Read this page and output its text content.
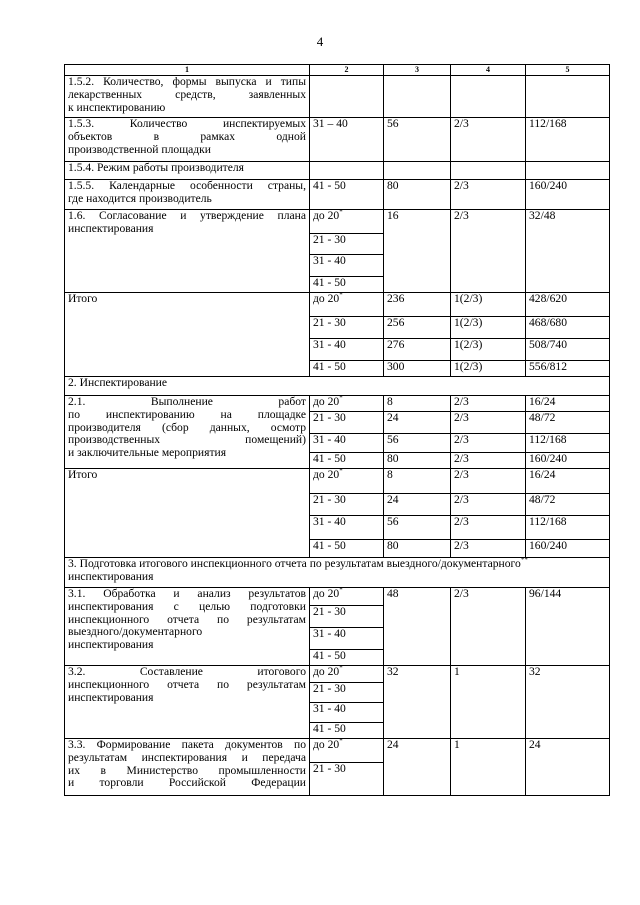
4
1	2	3	4	5

1.5.2. Количество, формы выпуска и типы
лекарственных средств, заявленных
к инспектированию				

1.5.3. Количество инспектируемых
объектов в рамках одной
производственной площадки	31 – 40	56	2/3	112/168
1.5.4. Режим работы производителя				

1.5.5. Календарные особенности страны,
где находится производитель	41 - 50	80	2/3	160/240

1.6. Согласование и утверждение плана
инспектирования	до 20*	16	2/3	32/48
	21 - 30			
	31 - 40			
	41 - 50			
Итого	до 20*	236	1(2/3)	428/620
	21 - 30	256	1(2/3)	468/680
	31 - 40	276	1(2/3)	508/740
	41 - 50	300	1(2/3)	556/812
2. Инспектирование				

2.1. Выполнение работ
по инспектированию на площадке
производителя (сбор данных, осмотр
производственных помещений)
и заключительные мероприятия	до 20*	8	2/3	16/24
	21 - 30	24	2/3	48/72
	31 - 40	56	2/3	112/168
	41 - 50	80	2/3	160/240
Итого	до 20*	8	2/3	16/24
	21 - 30	24	2/3	48/72
	31 - 40	56	2/3	112/168
	41 - 50	80	2/3	160/240

3. Подготовка итогового инспекционного отчета по результатам выездного/документарного**
инспектирования				

3.1. Обработка и анализ результатов
инспектирования с целью подготовки
инспекционного отчета по результатам
выездного/документарного
инспектирования	до 20*	48	2/3	96/144
	21 - 30			
	31 - 40			
	41 - 50			

3.2. Составление итогового
инспекционного отчета по результатам
инспектирования	до 20*	32	1	32
	21 - 30			
	31 - 40			
	41 - 50			

3.3. Формирование пакета документов по
результатам инспектирования и передача
их в Министерство промышленности
и торговли Российской Федерации	до 20*	24	1	24
	21 - 30			
